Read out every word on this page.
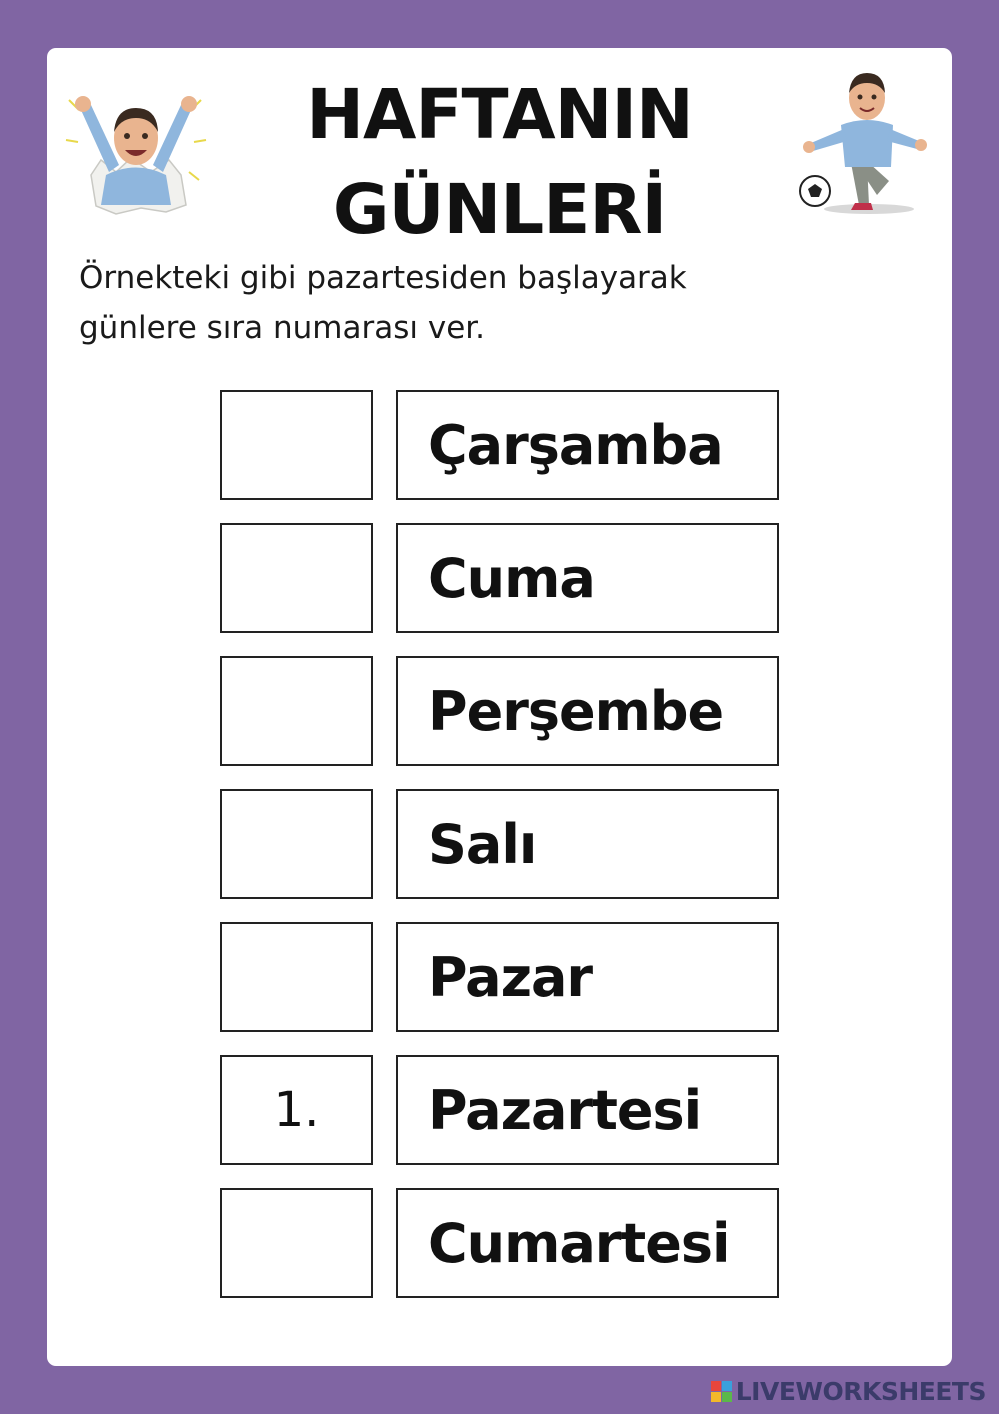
HAFTANIN
GÜNLERİ
Örnekteki gibi pazartesiden başlayarak
günlere sıra numarası ver.
Çarşamba
Cuma
Perşembe
Salı
Pazar
1.	Pazartesi
Cumartesi
LIVEWORKSHEETS
